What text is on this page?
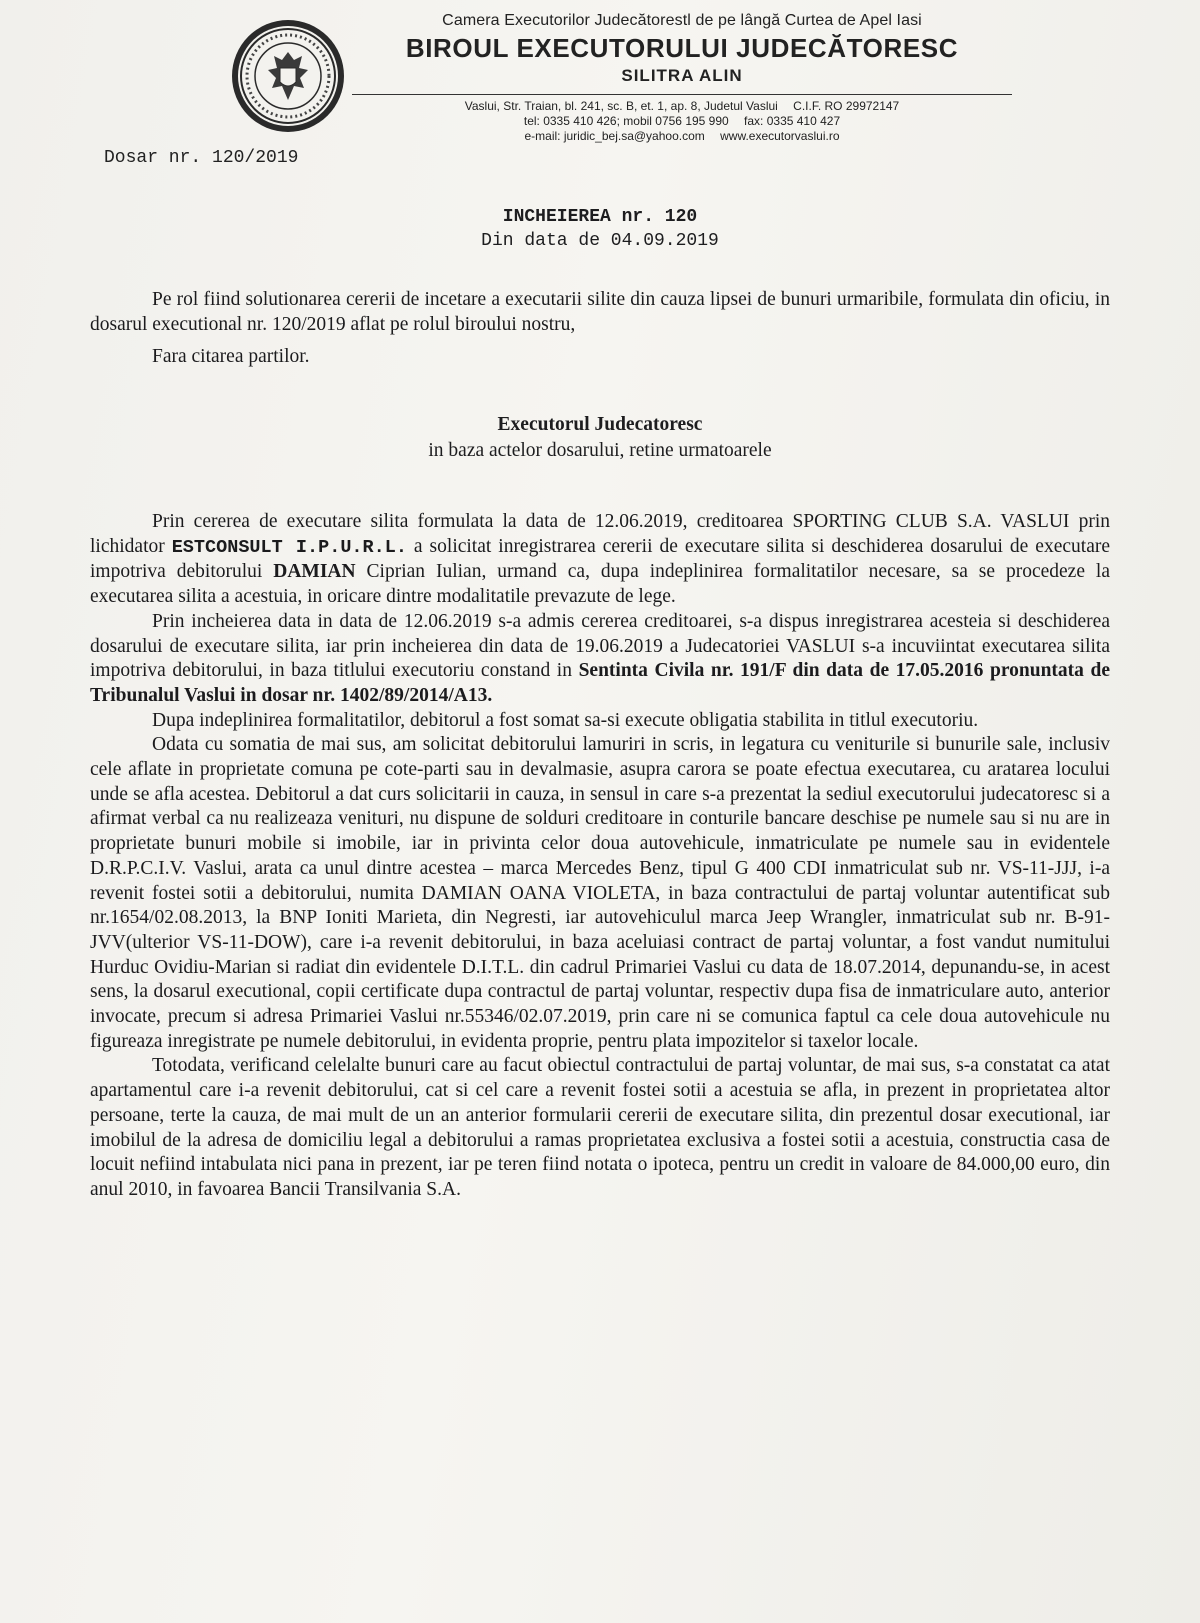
Camera Executorilor Judecătorestl de pe lângă Curtea de Apel Iasi
BIROUL EXECUTORULUI JUDECĂTORESC
SILITRA ALIN
Vaslui, Str. Traian, bl. 241, sc. B, et. 1, ap. 8, Judetul Vaslui C.I.F. RO 29972147
tel: 0335 410 426; mobil 0756 195 990 fax: 0335 410 427
e-mail: juridic_bej.sa@yahoo.com www.executorvaslui.ro
Dosar nr. 120/2019
INCHEIEREA nr. 120
Din data de 04.09.2019

Pe rol fiind solutionarea cererii de incetare a executarii silite din cauza lipsei de bunuri urmaribile, formulata din oficiu, in dosarul executional nr. 120/2019 aflat pe rolul biroului nostru,

Fara citarea partilor.

Executorul Judecatoresc
in baza actelor dosarului, retine urmatoarele

Prin cererea de executare silita formulata la data de 12.06.2019, creditoarea SPORTING CLUB S.A. VASLUI prin lichidator ESTCONSULT I.P.U.R.L. a solicitat inregistrarea cererii de executare silita si deschiderea dosarului de executare impotriva debitorului DAMIAN Ciprian Iulian, urmand ca, dupa indeplinirea formalitatilor necesare, sa se procedeze la executarea silita a acestuia, in oricare dintre modalitatile prevazute de lege.

Prin incheierea data in data de 12.06.2019 s-a admis cererea creditoarei, s-a dispus inregistrarea acesteia si deschiderea dosarului de executare silita, iar prin incheierea din data de 19.06.2019 a Judecatoriei VASLUI s-a incuviintat executarea silita impotriva debitorului, in baza titlului executoriu constand in Sentinta Civila nr. 191/F din data de 17.05.2016 pronuntata de Tribunalul Vaslui in dosar nr. 1402/89/2014/A13.

Dupa indeplinirea formalitatilor, debitorul a fost somat sa-si execute obligatia stabilita in titlul executoriu.

Odata cu somatia de mai sus, am solicitat debitorului lamuriri in scris, in legatura cu veniturile si bunurile sale, inclusiv cele aflate in proprietate comuna pe cote-parti sau in devalmasie, asupra carora se poate efectua executarea, cu aratarea locului unde se afla acestea. Debitorul a dat curs solicitarii in cauza, in sensul in care s-a prezentat la sediul executorului judecatoresc si a afirmat verbal ca nu realizeaza venituri, nu dispune de solduri creditoare in conturile bancare deschise pe numele sau si nu are in proprietate bunuri mobile si imobile, iar in privinta celor doua autovehicule, inmatriculate pe numele sau in evidentele D.R.P.C.I.V. Vaslui, arata ca unul dintre acestea – marca Mercedes Benz, tipul G 400 CDI inmatriculat sub nr. VS-11-JJJ, i-a revenit fostei sotii a debitorului, numita DAMIAN OANA VIOLETA, in baza contractului de partaj voluntar autentificat sub nr.1654/02.08.2013, la BNP Ioniti Marieta, din Negresti, iar autovehiculul marca Jeep Wrangler, inmatriculat sub nr. B-91-JVV(ulterior VS-11-DOW), care i-a revenit debitorului, in baza aceluiasi contract de partaj voluntar, a fost vandut numitului Hurduc Ovidiu-Marian si radiat din evidentele D.I.T.L. din cadrul Primariei Vaslui cu data de 18.07.2014, depunandu-se, in acest sens, la dosarul executional, copii certificate dupa contractul de partaj voluntar, respectiv dupa fisa de inmatriculare auto, anterior invocate, precum si adresa Primariei Vaslui nr.55346/02.07.2019, prin care ni se comunica faptul ca cele doua autovehicule nu figureaza inregistrate pe numele debitorului, in evidenta proprie, pentru plata impozitelor si taxelor locale.

Totodata, verificand celelalte bunuri care au facut obiectul contractului de partaj voluntar, de mai sus, s-a constatat ca atat apartamentul care i-a revenit debitorului, cat si cel care a revenit fostei sotii a acestuia se afla, in prezent in proprietatea altor persoane, terte la cauza, de mai mult de un an anterior formularii cererii de executare silita, din prezentul dosar executional, iar imobilul de la adresa de domiciliu legal a debitorului a ramas proprietatea exclusiva a fostei sotii a acestuia, constructia casa de locuit nefiind intabulata nici pana in prezent, iar pe teren fiind notata o ipoteca, pentru un credit in valoare de 84.000,00 euro, din anul 2010, in favoarea Bancii Transilvania S.A.
